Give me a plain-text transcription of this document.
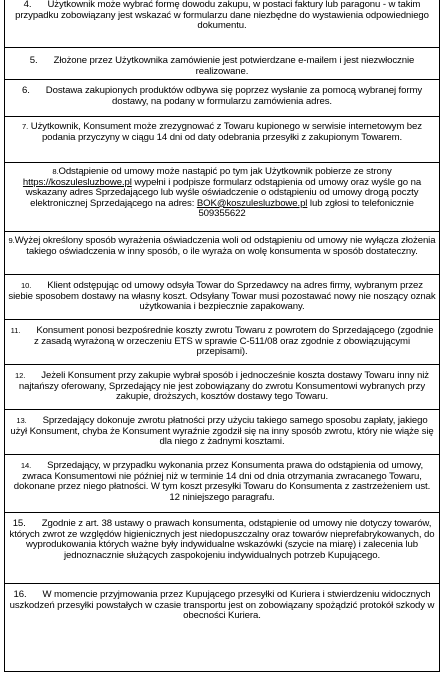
4. Użytkownik może wybrać formę dowodu zakupu, w postaci faktury lub paragonu - w takim przypadku zobowiązany jest wskazać w formularzu dane niezbędne do wystawienia odpowiedniego dokumentu.
5. Złożone przez Użytkownika zamówienie jest potwierdzane e-mailem i jest niezwłocznie realizowane.
6. Dostawa zakupionych produktów odbywa się poprzez wysłanie za pomocą wybranej formy dostawy, na podany w formularzu zamówienia adres.
7. Użytkownik, Konsument może zrezygnować z Towaru kupionego w serwisie internetowym bez podania przyczyny w ciągu 14 dni od daty odebrania przesyłki z zakupionym Towarem.
8.Odstąpienie od umowy może nastąpić po tym jak Użytkownik pobierze ze strony https://koszulesluzbowe.pl wypełni i podpisze formularz odstąpienia od umowy oraz wyśle go na wskazany adres Sprzedającego lub wyśle oświadczenie o odstąpieniu od umowy drogą poczty elektronicznej Sprzedającego na adres: BOK@koszulesluzbowe.pl lub zgłosi to telefonicznie 509355622
9.Wyżej określony sposób wyrażenia oświadczenia woli od odstąpieniu od umowy nie wyłącza złożenia takiego oświadczenia w inny sposób, o ile wyraża on wolę konsumenta w sposób dostateczny.
10. Klient odstępując od umowy odsyła Towar do Sprzedawcy na adres firmy, wybranym przez siebie sposobem dostawy na własny koszt. Odsyłany Towar musi pozostawać nowy nie noszący oznak użytkowania i bezpiecznie zapakowany.
11. Konsument ponosi bezpośrednie koszty zwrotu Towaru z powrotem do Sprzedającego (zgodnie z zasadą wyrażoną w orzeczeniu ETS w sprawie C-511/08 oraz zgodnie z obowiązującymi przepisami).
12. Jeżeli Konsument przy zakupie wybrał sposób i jednocześnie koszta dostawy Towaru inny niż najtańszy oferowany, Sprzedający nie jest zobowiązany do zwrotu Konsumentowi wybranych przy zakupie, droższych, kosztów dostawy tego Towaru.
13. Sprzedający dokonuje zwrotu płatności przy użyciu takiego samego sposobu zapłaty, jakiego użył Konsument, chyba że Konsument wyraźnie zgodził się na inny sposób zwrotu, który nie wiąże się dla niego z żadnymi kosztami.
14. Sprzedający, w przypadku wykonania przez Konsumenta prawa do odstąpienia od umowy, zwraca Konsumentowi nie później niż w terminie 14 dni od dnia otrzymania zwracanego Towaru, dokonane przez niego płatności. W tym koszt przesyłki Towaru do Konsumenta z zastrzeżeniem ust. 12 niniejszego paragrafu.
15. Zgodnie z art. 38 ustawy o prawach konsumenta, odstąpienie od umowy nie dotyczy towarów, których zwrot ze względów higienicznych jest niedopuszczalny oraz towarów nieprefabrykowanych, do wyprodukowania których ważne były indywidualne wskazówki (szycie na miarę) i zalecenia lub jednoznacznie służących zaspokojeniu indywidualnych potrzeb Kupującego.
16. W momencie przyjmowania przez Kupującego przesyłki od Kuriera i stwierdzeniu widocznych uszkodzeń przesyłki powstałych w czasie transportu jest on zobowiązany spożądzić protokół szkody w obecności Kuriera.
